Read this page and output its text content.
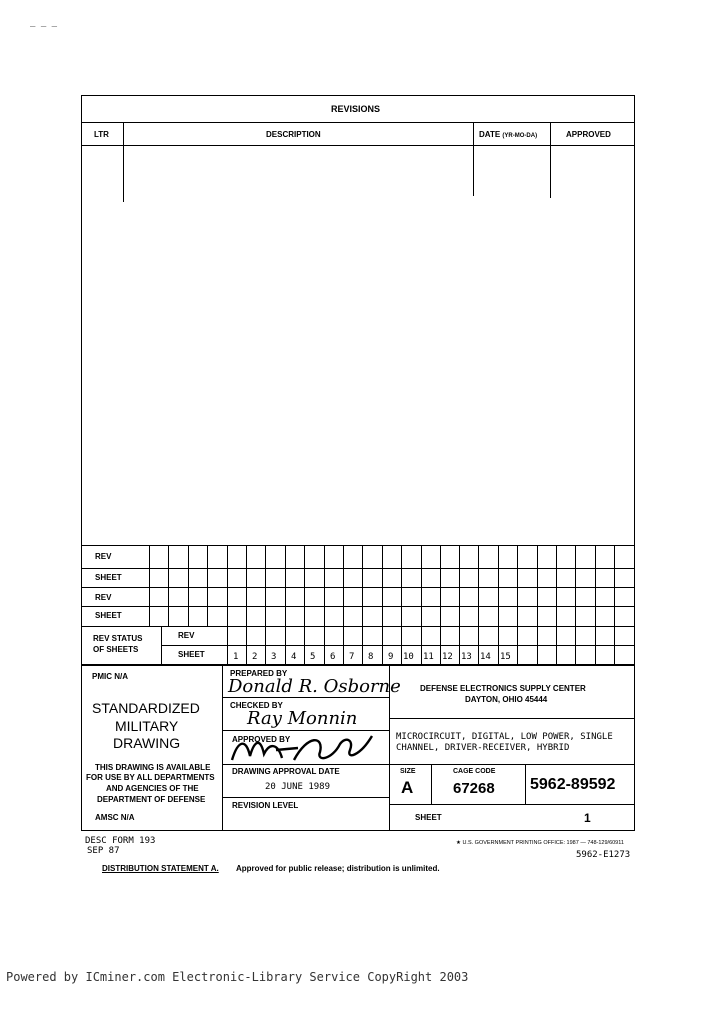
_ _ _
REVISIONS
LTR	DESCRIPTION	DATE (YR-MO-DA)	APPROVED
REV
SHEET
REV
SHEET
REV STATUS
OF SHEETS
REV
SHEET	1 2 3 4 5 6 7 8 9 10 11 12 13 14 15
PMIC N/A
STANDARDIZED
MILITARY
DRAWING
THIS DRAWING IS AVAILABLE
FOR USE BY ALL DEPARTMENTS
AND AGENCIES OF THE
DEPARTMENT OF DEFENSE
AMSC N/A
PREPARED BY
Donald R. Osborne
CHECKED BY
Ray Monnin
APPROVED BY
DRAWING APPROVAL DATE
20 JUNE 1989
REVISION LEVEL
DEFENSE ELECTRONICS SUPPLY CENTER
DAYTON, OHIO 45444
MICROCIRCUIT, DIGITAL, LOW POWER, SINGLE
CHANNEL, DRIVER-RECEIVER, HYBRID
SIZE
A
CAGE CODE
67268 5962-89592
SHEET	1
DESC FORM 193
SEP 87
★ U.S. GOVERNMENT PRINTING OFFICE: 1987 — 748-129/60911
5962-E1273
DISTRIBUTION STATEMENT A. Approved for public release; distribution is unlimited.
Powered by ICminer.com Electronic-Library Service CopyRight 2003
